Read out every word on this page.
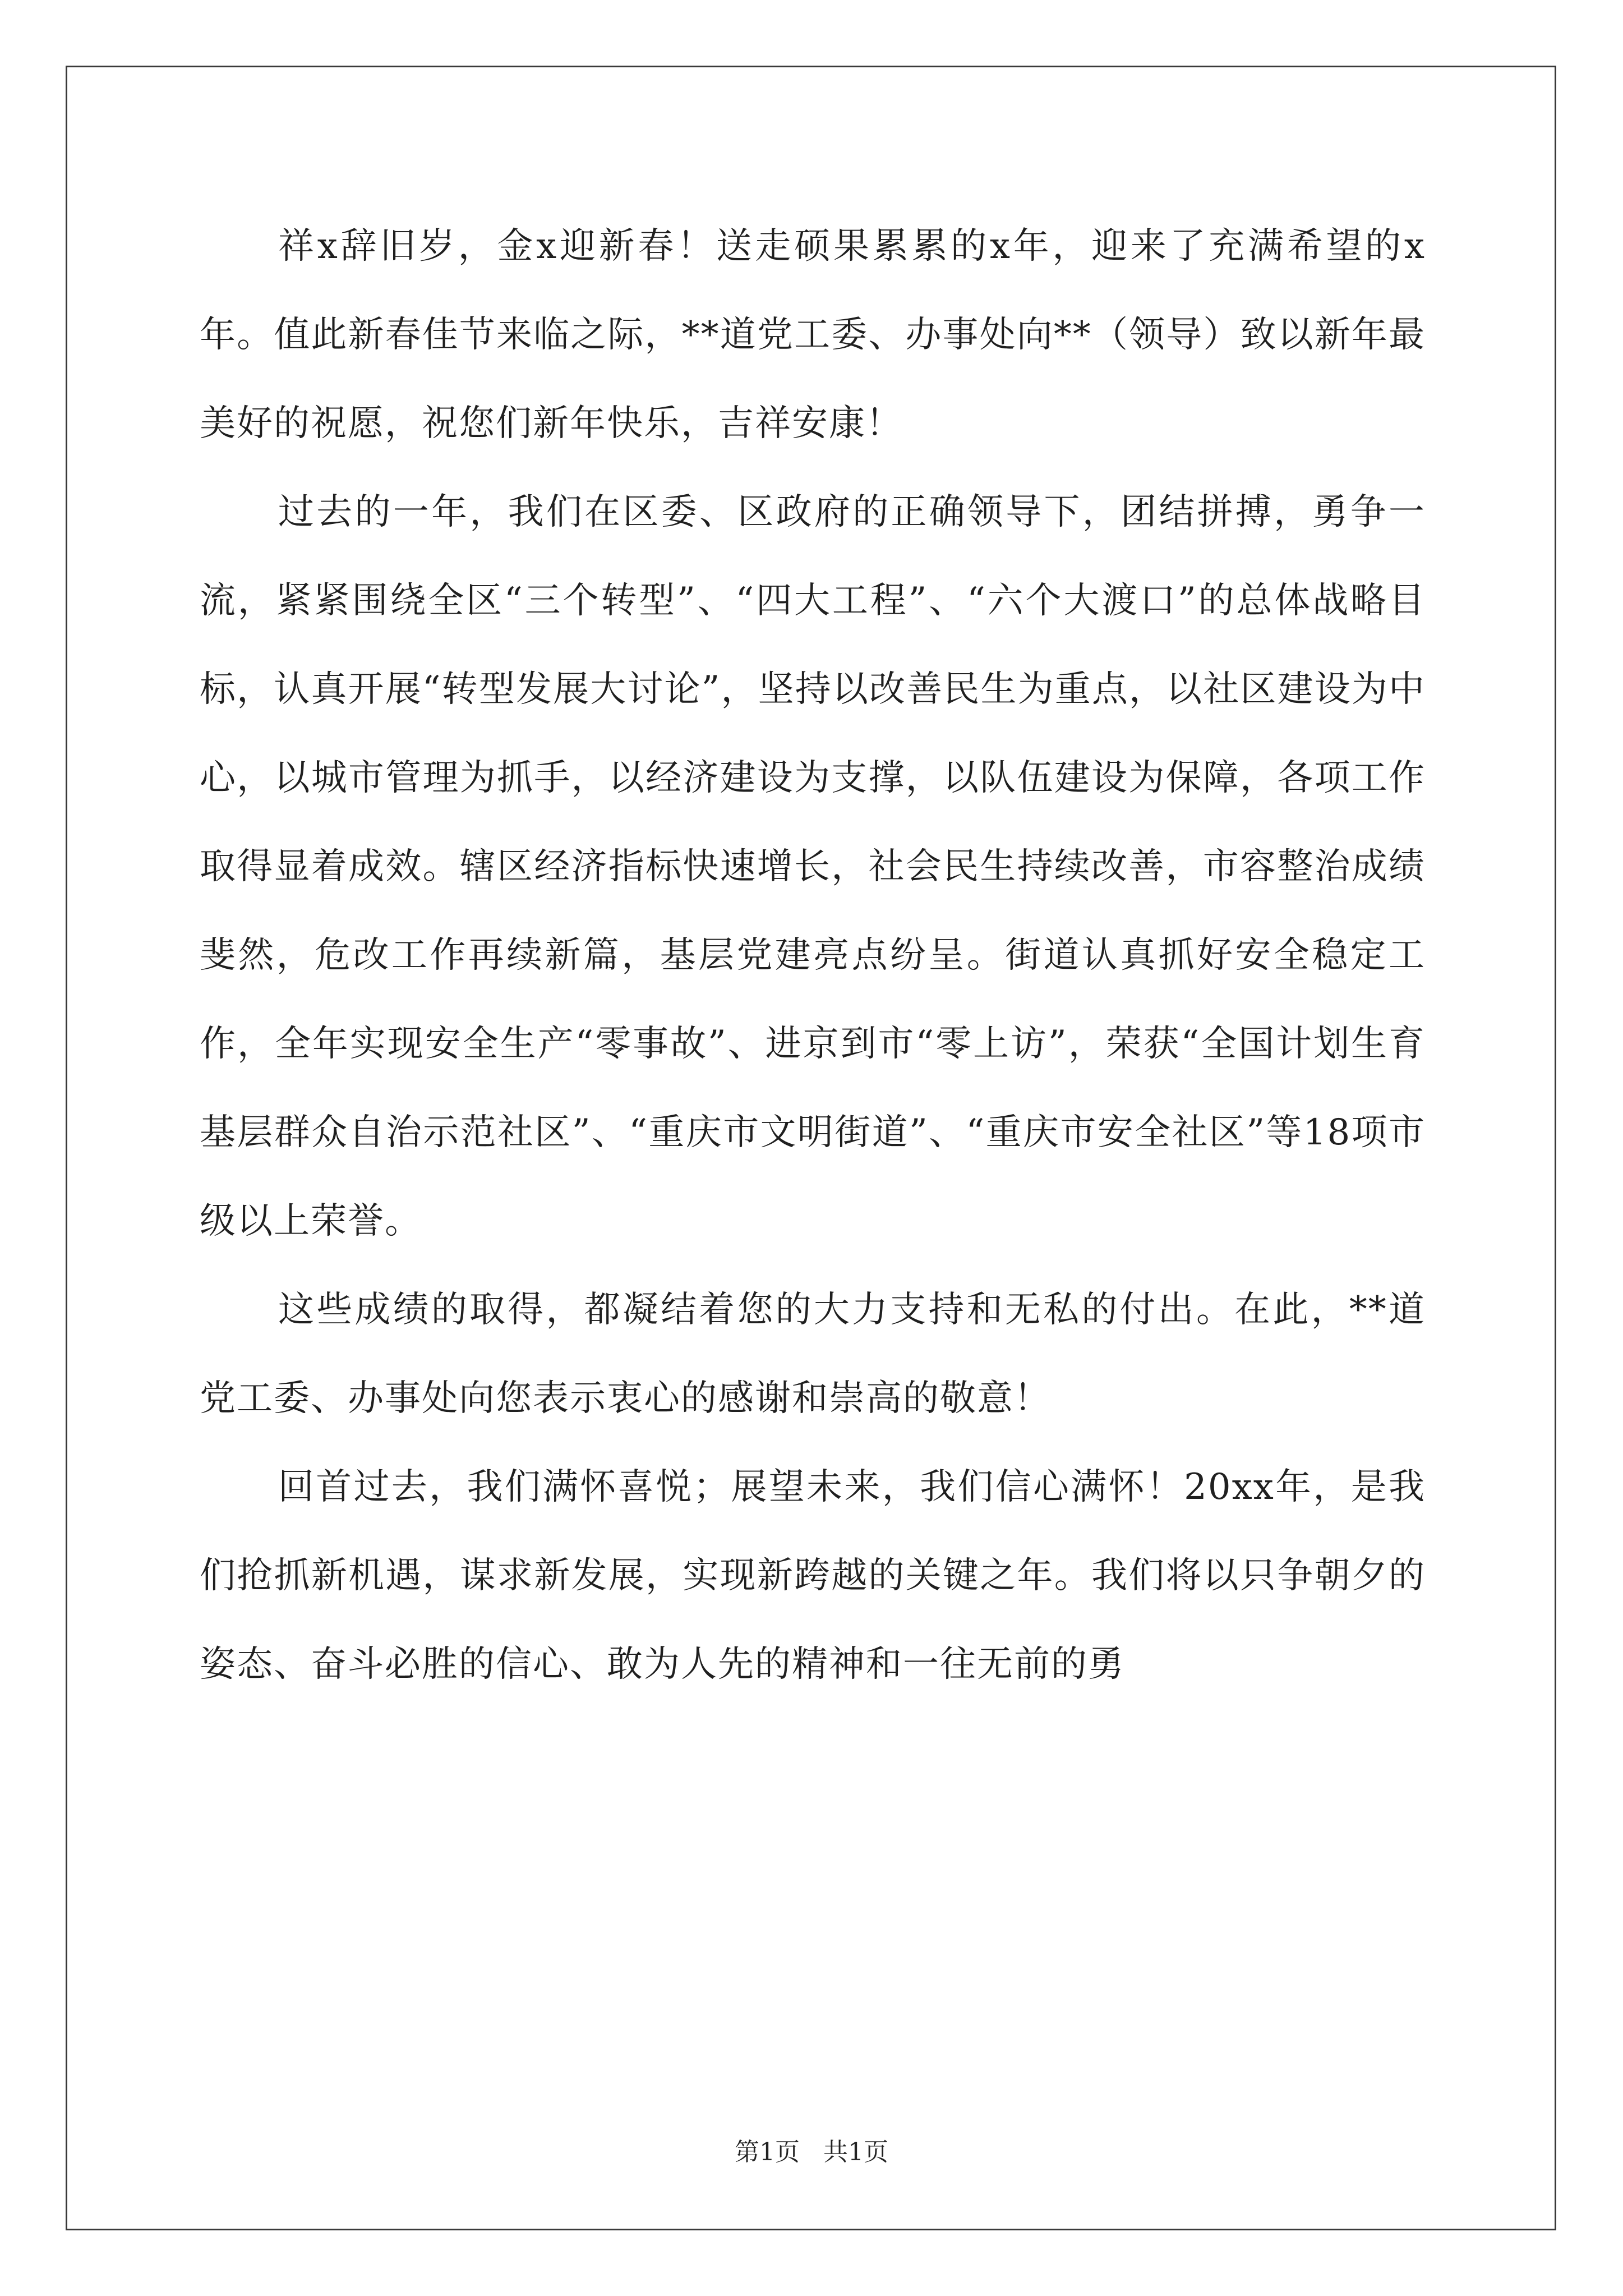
祥x辞旧岁，金x迎新春！送走硕果累累的x年，迎来了充满希望的x年。值此新春佳节来临之际，**道党工委、办事处向**（领导）致以新年最美好的祝愿，祝您们新年快乐，吉祥安康！

过去的一年，我们在区委、区政府的正确领导下，团结拼搏，勇争一流，紧紧围绕全区“三个转型”、“四大工程”、“六个大渡口”的总体战略目标，认真开展“转型发展大讨论”，坚持以改善民生为重点，以社区建设为中心，以城市管理为抓手，以经济建设为支撑，以队伍建设为保障，各项工作取得显着成效。辖区经济指标快速增长，社会民生持续改善，市容整治成绩斐然，危改工作再续新篇，基层党建亮点纷呈。街道认真抓好安全稳定工作，全年实现安全生产“零事故”、进京到市“零上访”，荣获“全国计划生育基层群众自治示范社区”、“重庆市文明街道”、“重庆市安全社区”等18项市级以上荣誉。

这些成绩的取得，都凝结着您的大力支持和无私的付出。在此，**道党工委、办事处向您表示衷心的感谢和崇高的敬意！

回首过去，我们满怀喜悦；展望未来，我们信心满怀！20xx年，是我们抢抓新机遇，谋求新发展，实现新跨越的关键之年。我们将以只争朝夕的姿态、奋斗必胜的信心、敢为人先的精神和一往无前的勇

第1页 共1页
